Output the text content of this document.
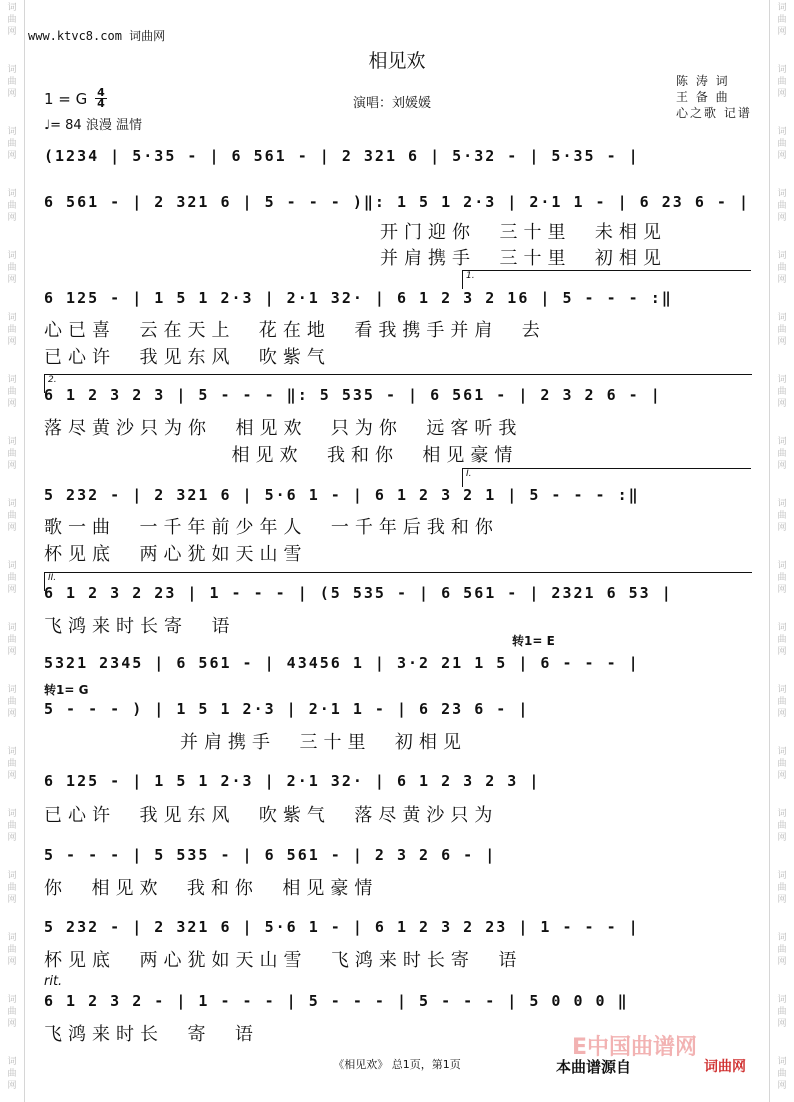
词
曲
网
词
曲
网
词
曲
网
词
曲
网
词
曲
网
词
曲
网
词
曲
网
词
曲
网
词
曲
网
词
曲
网
词
曲
网
词
曲
网
词
曲
网
词
曲
网
词
曲
网
词
曲
网
词
曲
网
词
曲
网
词
曲
网
词
曲
网
词
曲
网
词
曲
网
词
曲
网
词
曲
网
词
曲
网
词
曲
网
词
曲
网
词
曲
网
词
曲
网
词
曲
网
词
曲
网
词
曲
网
词
曲
网
词
曲
网
词
曲
网
词
曲
网
www.ktvc8.com 词曲网
相见欢
1 = G 4
4
♩= 84 浪漫 温情
演唱：刘媛媛
陈 涛 词
王 备 曲
心之歌 记谱
(1234 | 5·35 - | 6 561 - | 2 321 6 | 5·32 - | 5·35 - |
6 561 - | 2 321 6 | 5 - - - )‖: 1 5 1 2·3 | 2·1 1 - | 6 23 6 - |
开门迎你  三十里  未相见
并肩携手  三十里  初相见
1.
6 125 - | 1 5 1 2·3 | 2·1 32· | 6 1 2 3 2 16 | 5 - - - :‖
心已喜  云在天上  花在地  看我携手并肩  去
已心许  我见东风  吹紫气
2.
6 1 2 3 2 3 | 5 - - - ‖: 5 535 - | 6 561 - | 2 3 2 6 - |
落尽黄沙只为你  相见欢  只为你  远客听我
相见欢  我和你  相见豪情
I.
5 232 - | 2 321 6 | 5·6 1 - | 6 1 2 3 2 1 | 5 - - - :‖
歌一曲  一千年前少年人  一千年后我和你
杯见底  两心犹如天山雪
II.
6 1 2 3 2 23 | 1 - - - | (5 535 - | 6 561 - | 2321 6 53 |
飞鸿来时长寄  语
转1= E
5321 2345 | 6 561 - | 43456 1 | 3·2 21 1 5 | 6 - - - |
转1= G
5 - - - ) | 1 5 1 2·3 | 2·1 1 - | 6 23 6 - |
并肩携手  三十里  初相见
6 125 - | 1 5 1 2·3 | 2·1 32· | 6 1 2 3 2 3 |
已心许  我见东风  吹紫气  落尽黄沙只为
5 - - - | 5 535 - | 6 561 - | 2 3 2 6 - |
你  相见欢  我和你  相见豪情
5 232 - | 2 321 6 | 5·6 1 - | 6 1 2 3 2 23 | 1 - - - |
杯见底  两心犹如天山雪  飞鸿来时长寄  语
rit.
6 1 2 3 2 - | 1 - - - | 5 - - - | 5 - - - | 5 0 0 0 ‖
飞鸿来时长  寄  语
《相见欢》 总1页，第1页
E中国曲谱网
本曲谱源自	词曲网
